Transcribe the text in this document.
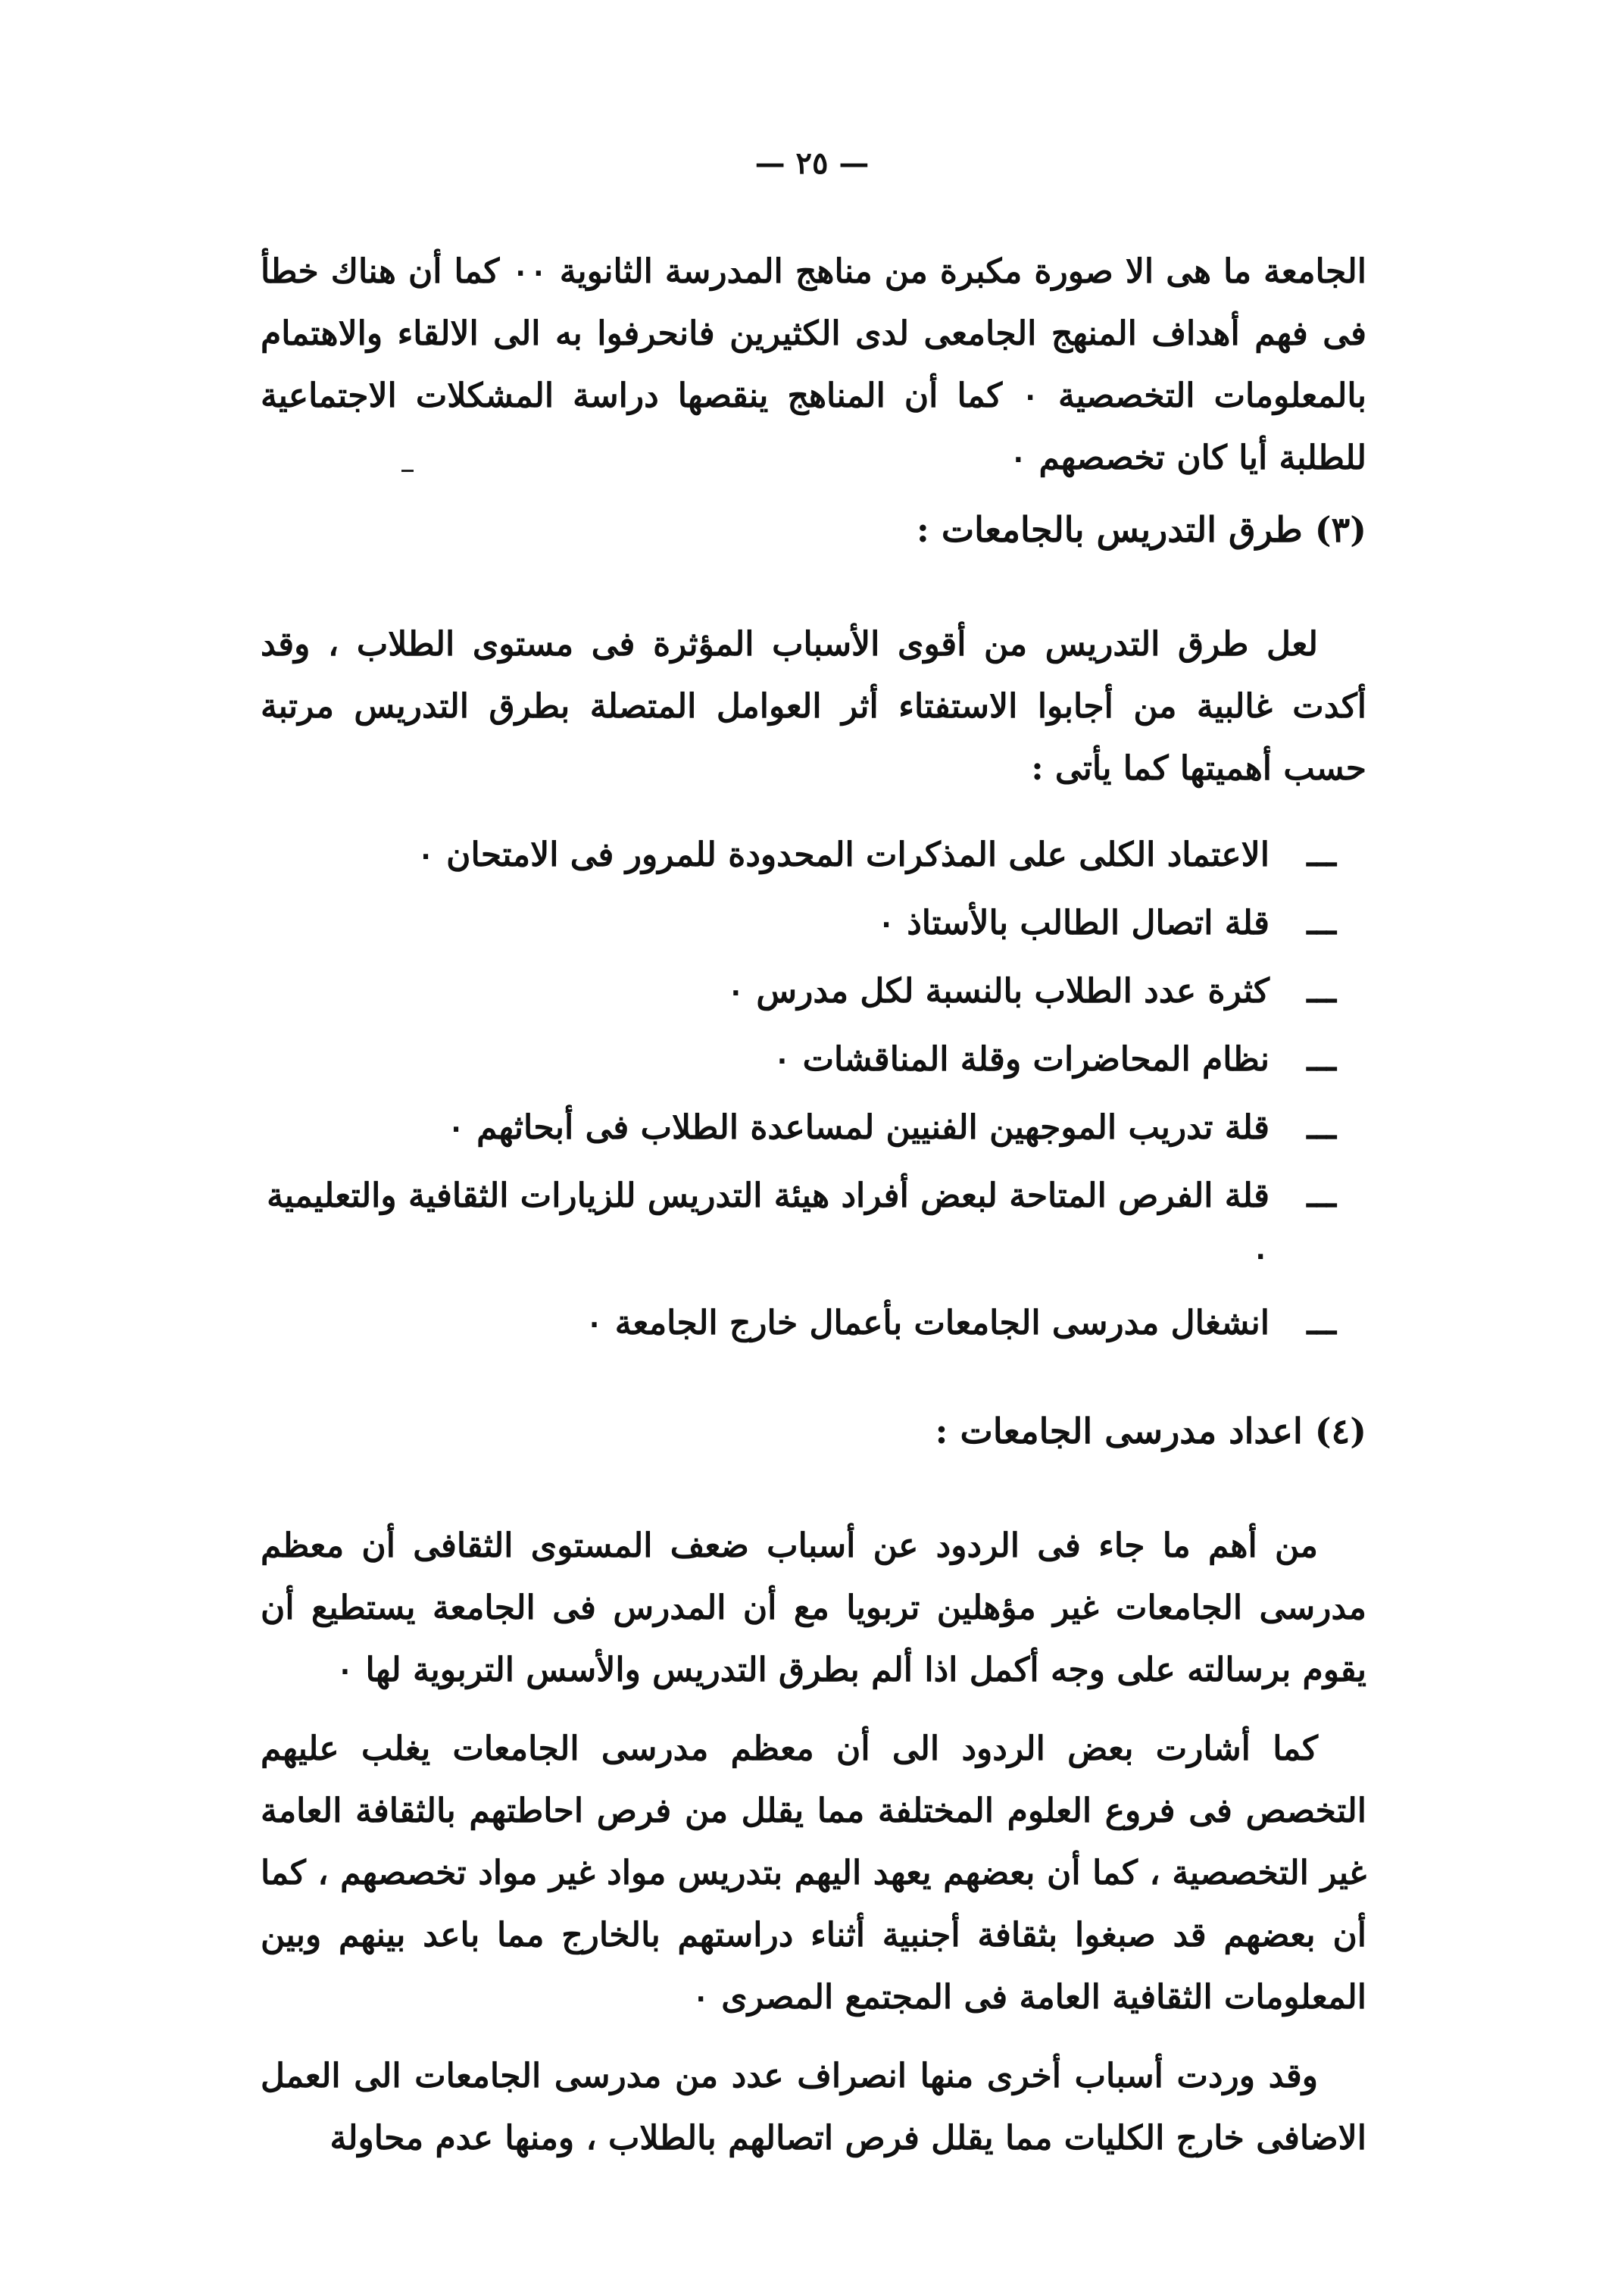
— ٢٥ —

الجامعة ما هى الا صورة مكبرة من مناهج المدرسة الثانوية ٠٠ كما أن هناك خطأ فى فهم أهداف المنهج الجامعى لدى الكثيرين فانحرفوا به الى الالقاء والاهتمام بالمعلومات التخصصية ٠ كما أن المناهج ينقصها دراسة المشكلات الاجتماعية للطلبة أيا كان تخصصهم ٠

(٣) طرق التدريس بالجامعات :

لعل طرق التدريس من أقوى الأسباب المؤثرة فى مستوى الطلاب ، وقد أكدت غالبية من أجابوا الاستفتاء أثر العوامل المتصلة بطرق التدريس مرتبة حسب أهميتها كما يأتى :

ـــ
الاعتماد الكلى على المذكرات المحدودة للمرور فى الامتحان ٠
ـــ
قلة اتصال الطالب بالأستاذ ٠
ـــ
كثرة عدد الطلاب بالنسبة لكل مدرس ٠
ـــ
نظام المحاضرات وقلة المناقشات ٠
ـــ
قلة تدريب الموجهين الفنيين لمساعدة الطلاب فى أبحاثهم ٠
ـــ
قلة الفرص المتاحة لبعض أفراد هيئة التدريس للزيارات الثقافية والتعليمية ٠
ـــ
انشغال مدرسى الجامعات بأعمال خارج الجامعة ٠
(٤) اعداد مدرسى الجامعات :

من أهم ما جاء فى الردود عن أسباب ضعف المستوى الثقافى أن معظم مدرسى الجامعات غير مؤهلين تربويا مع أن المدرس فى الجامعة يستطيع أن يقوم برسالته على وجه أكمل اذا ألم بطرق التدريس والأسس التربوية لها ٠

كما أشارت بعض الردود الى أن معظم مدرسى الجامعات يغلب عليهم التخصص فى فروع العلوم المختلفة مما يقلل من فرص احاطتهم بالثقافة العامة غير التخصصية ، كما أن بعضهم يعهد اليهم بتدريس مواد غير مواد تخصصهم ، كما أن بعضهم قد صبغوا بثقافة أجنبية أثناء دراستهم بالخارج مما باعد بينهم وبين المعلومات الثقافية العامة فى المجتمع المصرى ٠

وقد وردت أسباب أخرى منها انصراف عدد من مدرسى الجامعات الى العمل الاضافى خارج الكليات مما يقلل فرص اتصالهم بالطلاب ، ومنها عدم محاولة
